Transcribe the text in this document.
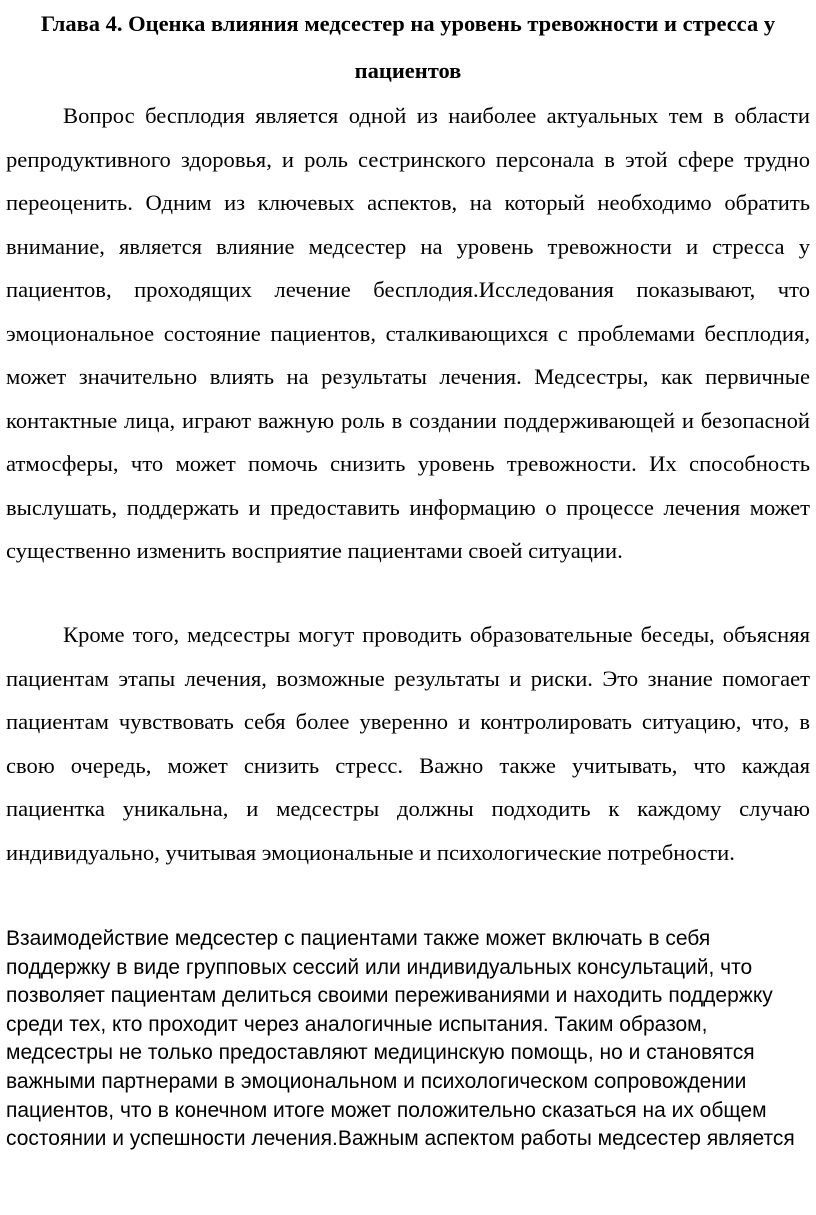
Глава 4. Оценка влияния медсестер на уровень тревожности и стресса у пациентов

Вопрос бесплодия является одной из наиболее актуальных тем в области репродуктивного здоровья, и роль сестринского персонала в этой сфере трудно переоценить. Одним из ключевых аспектов, на который необходимо обратить внимание, является влияние медсестер на уровень тревожности и стресса у пациентов, проходящих лечение бесплодия.Исследования показывают, что эмоциональное состояние пациентов, сталкивающихся с проблемами бесплодия, может значительно влиять на результаты лечения. Медсестры, как первичные контактные лица, играют важную роль в создании поддерживающей и безопасной атмосферы, что может помочь снизить уровень тревожности. Их способность выслушать, поддержать и предоставить информацию о процессе лечения может существенно изменить восприятие пациентами своей ситуации.

Кроме того, медсестры могут проводить образовательные беседы, объясняя пациентам этапы лечения, возможные результаты и риски. Это знание помогает пациентам чувствовать себя более уверенно и контролировать ситуацию, что, в свою очередь, может снизить стресс. Важно также учитывать, что каждая пациентка уникальна, и медсестры должны подходить к каждому случаю индивидуально, учитывая эмоциональные и психологические потребности.

Взаимодействие медсестер с пациентами также может включать в себя поддержку в виде групповых сессий или индивидуальных консультаций, что позволяет пациентам делиться своими переживаниями и находить поддержку среди тех, кто проходит через аналогичные испытания. Таким образом, медсестры не только предоставляют медицинскую помощь, но и становятся важными партнерами в эмоциональном и психологическом сопровождении пациентов, что в конечном итоге может положительно сказаться на их общем состоянии и успешности лечения.Важным аспектом работы медсестер является
